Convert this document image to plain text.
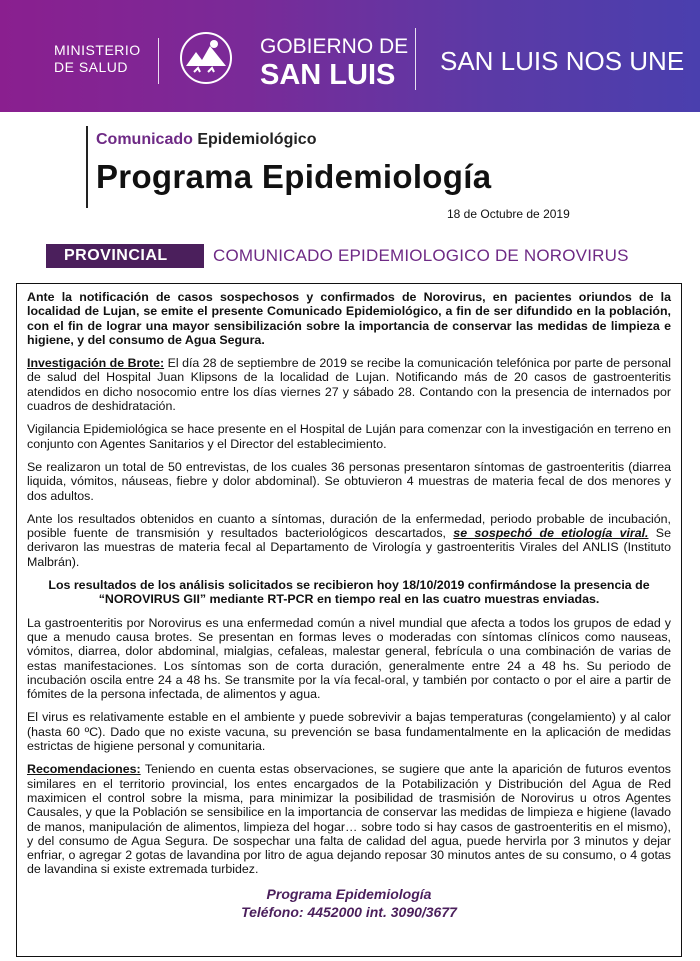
MINISTERIO
DE SALUD
GOBIERNO DE
SAN LUIS SAN LUIS NOS UNE
Comunicado Epidemiológico
Programa Epidemiología
18 de Octubre de 2019
PROVINCIAL	COMUNICADO EPIDEMIOLOGICO DE NOROVIRUS

Ante la notificación de casos sospechosos y confirmados de Norovirus, en pacientes oriundos de la localidad de Lujan, se emite el presente Comunicado Epidemiológico, a fin de ser difundido en la población, con el fin de lograr una mayor sensibilización sobre la importancia de conservar las medidas de limpieza e higiene, y del consumo de Agua Segura.

Investigación de Brote: El día 28 de septiembre de 2019 se recibe la comunicación telefónica por parte de personal de salud del Hospital Juan Klipsons de la localidad de Lujan. Notificando más de 20 casos de gastroenteritis atendidos en dicho nosocomio entre los días viernes 27 y sábado 28. Contando con la presencia de internados por cuadros de deshidratación.

Vigilancia Epidemiológica se hace presente en el Hospital de Luján para comenzar con la investigación en terreno en conjunto con Agentes Sanitarios y el Director del establecimiento.

Se realizaron un total de 50 entrevistas, de los cuales 36 personas presentaron síntomas de gastroenteritis (diarrea liquida, vómitos, náuseas, fiebre y dolor abdominal). Se obtuvieron 4 muestras de materia fecal de dos menores y dos adultos.

Ante los resultados obtenidos en cuanto a síntomas, duración de la enfermedad, periodo probable de incubación, posible fuente de transmisión y resultados bacteriológicos descartados, se sospechó de etiología viral. Se derivaron las muestras de materia fecal al Departamento de Virología y gastroenteritis Virales del ANLIS (Instituto Malbrán).

Los resultados de los análisis solicitados se recibieron hoy 18/10/2019 confirmándose la presencia de “NOROVIRUS GII” mediante RT-PCR en tiempo real en las cuatro muestras enviadas.

La gastroenteritis por Norovirus es una enfermedad común a nivel mundial que afecta a todos los grupos de edad y que a menudo causa brotes. Se presentan en formas leves o moderadas con síntomas clínicos como nauseas, vómitos, diarrea, dolor abdominal, mialgias, cefaleas, malestar general, febrícula o una combinación de varias de estas manifestaciones. Los síntomas son de corta duración, generalmente entre 24 a 48 hs. Su periodo de incubación oscila entre 24 a 48 hs. Se transmite por la vía fecal-oral, y también por contacto o por el aire a partir de fómites de la persona infectada, de alimentos y agua.

El virus es relativamente estable en el ambiente y puede sobrevivir a bajas temperaturas (congelamiento) y al calor (hasta 60 ºC). Dado que no existe vacuna, su prevención se basa fundamentalmente en la aplicación de medidas estrictas de higiene personal y comunitaria.

Recomendaciones: Teniendo en cuenta estas observaciones, se sugiere que ante la aparición de futuros eventos similares en el territorio provincial, los entes encargados de la Potabilización y Distribución del Agua de Red maximicen el control sobre la misma, para minimizar la posibilidad de trasmisión de Norovirus u otros Agentes Causales, y que la Población se sensibilice en la importancia de conservar las medidas de limpieza e higiene (lavado de manos, manipulación de alimentos, limpieza del hogar… sobre todo si hay casos de gastroenteritis en el mismo), y del consumo de Agua Segura. De sospechar una falta de calidad del agua, puede hervirla por 3 minutos y dejar enfriar, o agregar 2 gotas de lavandina por litro de agua dejando reposar 30 minutos antes de su consumo, o 4 gotas de lavandina si existe extremada turbidez.

Programa Epidemiología
Teléfono: 4452000 int. 3090/3677
